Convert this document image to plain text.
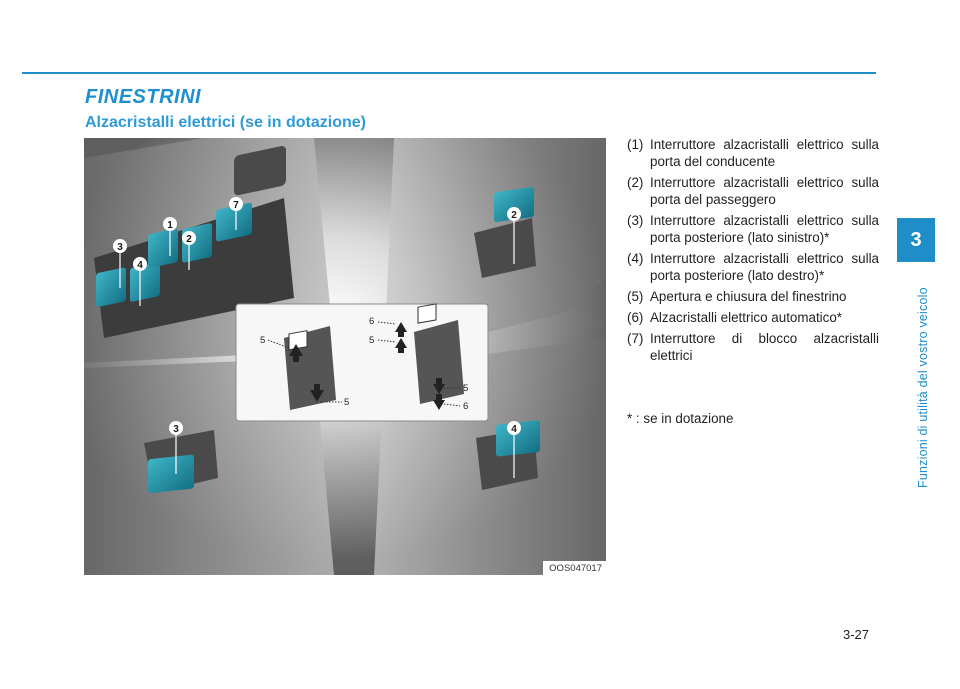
FINESTRINI
Alzacristalli elettrici (se in dotazione)
3
Funzioni di utilità del vostro veicolo
1
2
3
4
7
2
3	4
5
5
6
5
5
6
OOS047017
(1) Interruttore alzacristalli elettrico sulla porta del conducente
(2) Interruttore alzacristalli elettrico sulla porta del passeggero
(3) Interruttore alzacristalli elettrico sulla porta posteriore (lato sinistro)*
(4) Interruttore alzacristalli elettrico sulla porta posteriore (lato destro)*
(5) Apertura e chiusura del finestrino
(6) Alzacristalli elettrico automatico*
(7) Interruttore di blocco alzacristalli elettrici
* : se in dotazione
3-27
